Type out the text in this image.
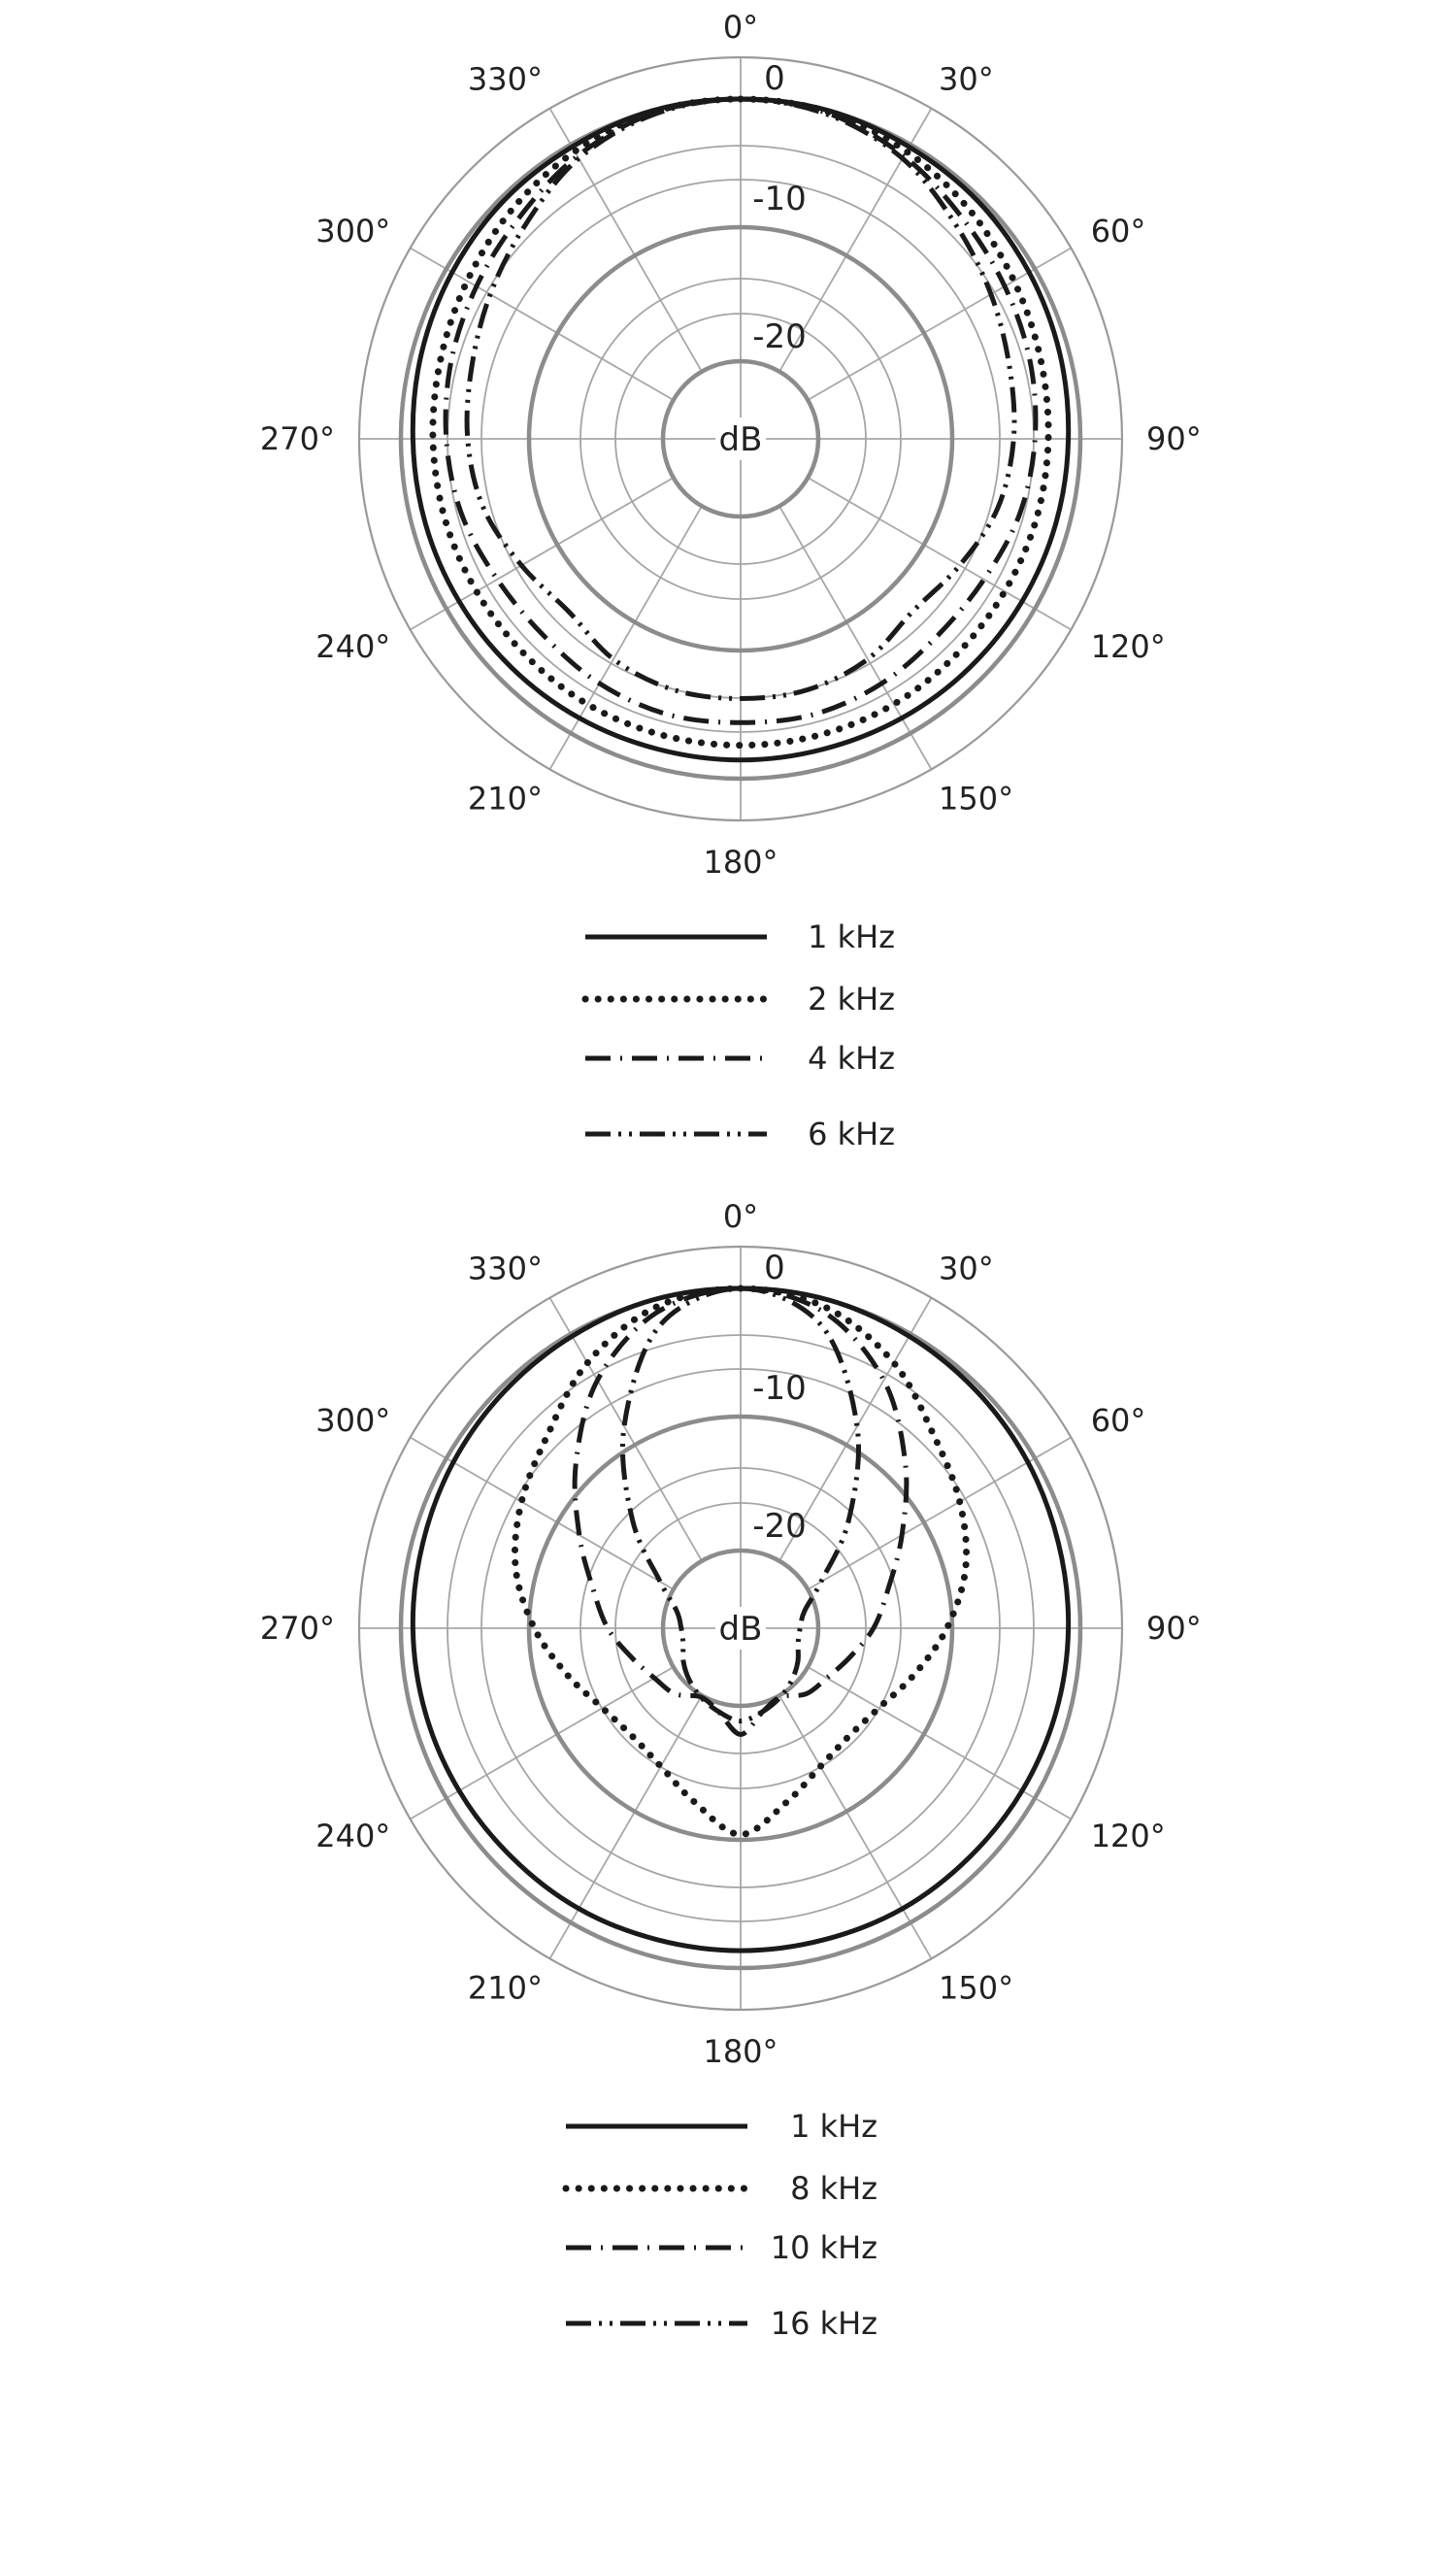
0°
30°
60°
90°
120°
150°
180°
210°
240°
270°
300°
330°	0
-10
-20
dB
1 kHz
2 kHz
4 kHz
6 kHz
0°
30°
60°
90°
120°
150°
180°
210°
240°
270°
300°
330°	0
-10
-20
dB
1 kHz
8 kHz
10 kHz
16 kHz
